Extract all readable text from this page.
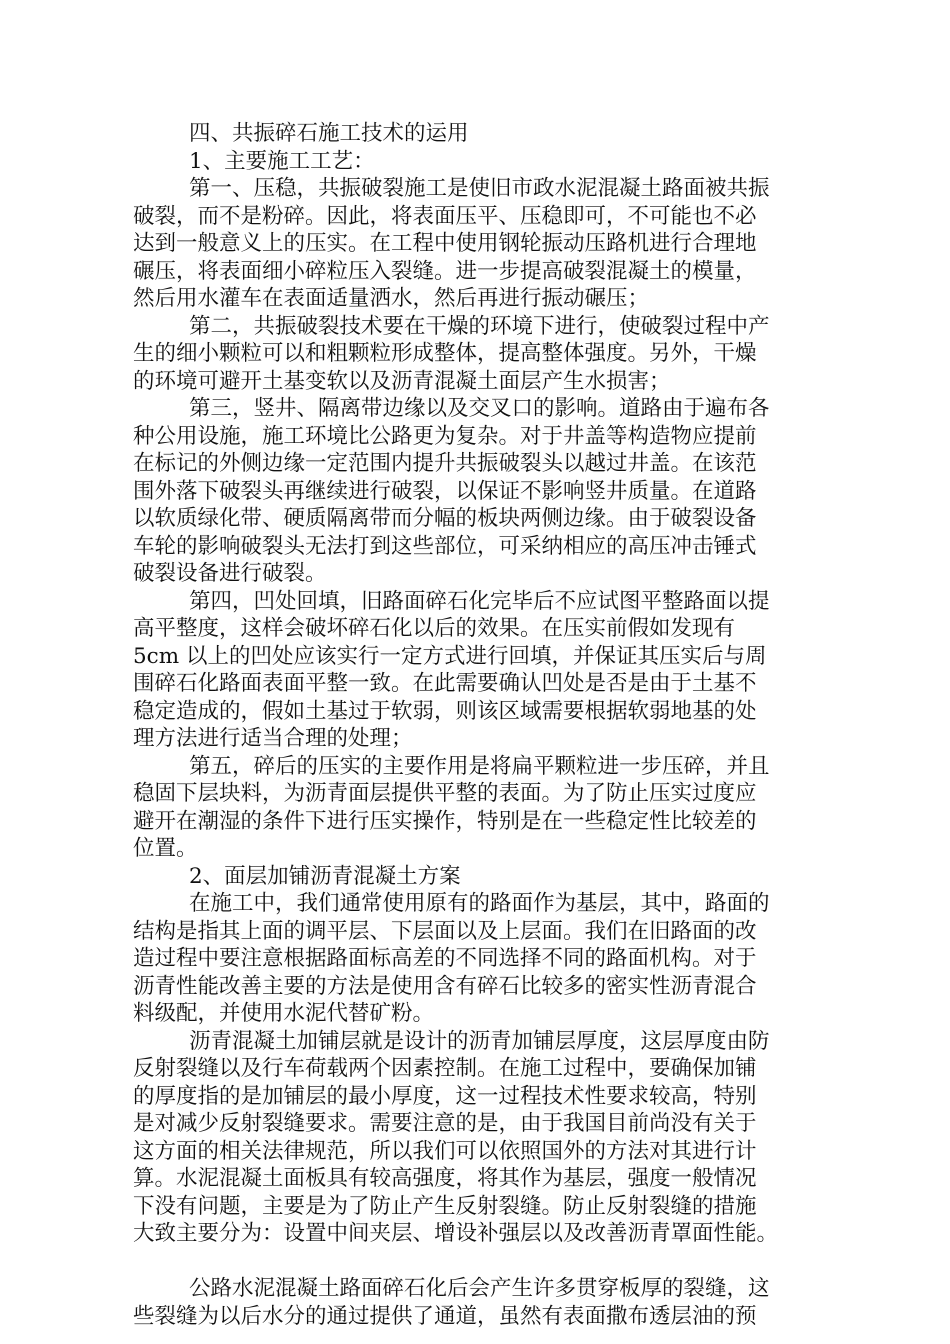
四、共振碎石施工技术的运用
1、主要施工工艺：
第一、压稳，共振破裂施工是使旧市政水泥混凝土路面被共振
破裂，而不是粉碎。因此，将表面压平、压稳即可，不可能也不必
达到一般意义上的压实。在工程中使用钢轮振动压路机进行合理地
碾压，将表面细小碎粒压入裂缝。进一步提高破裂混凝土的模量，
然后用水灌车在表面适量洒水，然后再进行振动碾压；
第二，共振破裂技术要在干燥的环境下进行，使破裂过程中产
生的细小颗粒可以和粗颗粒形成整体，提高整体强度。另外，干燥
的环境可避开土基变软以及沥青混凝土面层产生水损害；
第三，竖井、隔离带边缘以及交叉口的影响。道路由于遍布各
种公用设施，施工环境比公路更为复杂。对于井盖等构造物应提前
在标记的外侧边缘一定范围内提升共振破裂头以越过井盖。在该范
围外落下破裂头再继续进行破裂，以保证不影响竖井质量。在道路
以软质绿化带、硬质隔离带而分幅的板块两侧边缘。由于破裂设备
车轮的影响破裂头无法打到这些部位，可采纳相应的高压冲击锤式
破裂设备进行破裂。
第四，凹处回填，旧路面碎石化完毕后不应试图平整路面以提
高平整度，这样会破坏碎石化以后的效果。在压实前假如发现有
5cm 以上的凹处应该实行一定方式进行回填，并保证其压实后与周
围碎石化路面表面平整一致。在此需要确认凹处是否是由于土基不
稳定造成的，假如土基过于软弱，则该区域需要根据软弱地基的处
理方法进行适当合理的处理；
第五，碎后的压实的主要作用是将扁平颗粒进一步压碎，并且
稳固下层块料，为沥青面层提供平整的表面。为了防止压实过度应
避开在潮湿的条件下进行压实操作，特别是在一些稳定性比较差的
位置。
2、面层加铺沥青混凝土方案
在施工中，我们通常使用原有的路面作为基层，其中，路面的
结构是指其上面的调平层、下层面以及上层面。我们在旧路面的改
造过程中要注意根据路面标高差的不同选择不同的路面机构。对于
沥青性能改善主要的方法是使用含有碎石比较多的密实性沥青混合
料级配，并使用水泥代替矿粉。
沥青混凝土加铺层就是设计的沥青加铺层厚度，这层厚度由防
反射裂缝以及行车荷载两个因素控制。在施工过程中，要确保加铺
的厚度指的是加铺层的最小厚度，这一过程技术性要求较高，特别
是对减少反射裂缝要求。需要注意的是，由于我国目前尚没有关于
这方面的相关法律规范，所以我们可以依照国外的方法对其进行计
算。水泥混凝土面板具有较高强度，将其作为基层，强度一般情况
下没有问题，主要是为了防止产生反射裂缝。防止反射裂缝的措施
大致主要分为：设置中间夹层、增设补强层以及改善沥青罩面性能。
公路水泥混凝土路面碎石化后会产生许多贯穿板厚的裂缝，这
些裂缝为以后水分的通过提供了通道，虽然有表面撒布透层油的预
